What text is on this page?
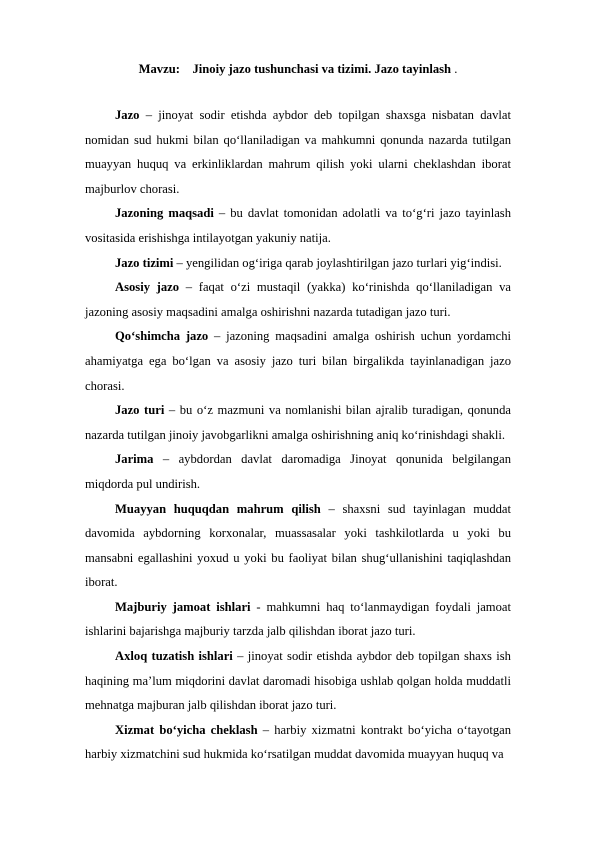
Mavzu: Jinoiy jazo tushunchasi va tizimi. Jazo tayinlash .

Jazo – jinoyat sodir etishda aybdor deb topilgan shaxsga nisbatan davlat nomidan sud hukmi bilan qo‘llaniladigan va mahkumni qonunda nazarda tutilgan muayyan huquq va erkinliklardan mahrum qilish yoki ularni cheklashdan iborat majburlov chorasi.

Jazoning maqsadi – bu davlat tomonidan adolatli va to‘g‘ri jazo tayinlash vositasida erishishga intilayotgan yakuniy natija.

Jazo tizimi – yengilidan og‘iriga qarab joylashtirilgan jazo turlari yig‘indisi.

Asosiy jazo – faqat o‘zi mustaqil (yakka) ko‘rinishda qo‘llaniladigan va jazoning asosiy maqsadini amalga oshirishni nazarda tutadigan jazo turi.

Qo‘shimcha jazo – jazoning maqsadini amalga oshirish uchun yordamchi ahamiyatga ega bo‘lgan va asosiy jazo turi bilan birgalikda tayinlanadigan jazo chorasi.

Jazo turi – bu o‘z mazmuni va nomlanishi bilan ajralib turadigan, qonunda nazarda tutilgan jinoiy javobgarlikni amalga oshirishning aniq ko‘rinishdagi shakli.

Jarima – aybdordan davlat daromadiga Jinoyat qonunida belgilangan miqdorda pul undirish.

Muayyan huquqdan mahrum qilish – shaxsni sud tayinlagan muddat davomida aybdorning korxonalar, muassasalar yoki tashkilotlarda u yoki bu mansabni egallashini yoxud u yoki bu faoliyat bilan shug‘ullanishini taqiqlashdan iborat.

Majburiy jamoat ishlari - mahkumni haq to‘lanmaydigan foydali jamoat ishlarini bajarishga majburiy tarzda jalb qilishdan iborat jazo turi.

Axloq tuzatish ishlari – jinoyat sodir etishda aybdor deb topilgan shaxs ish haqining ma’lum miqdorini davlat daromadi hisobiga ushlab qolgan holda muddatli mehnatga majburan jalb qilishdan iborat jazo turi.

Xizmat bo‘yicha cheklash – harbiy xizmatni kontrakt bo‘yicha o‘tayotgan harbiy xizmatchini sud hukmida ko‘rsatilgan muddat davomida muayyan huquq va
